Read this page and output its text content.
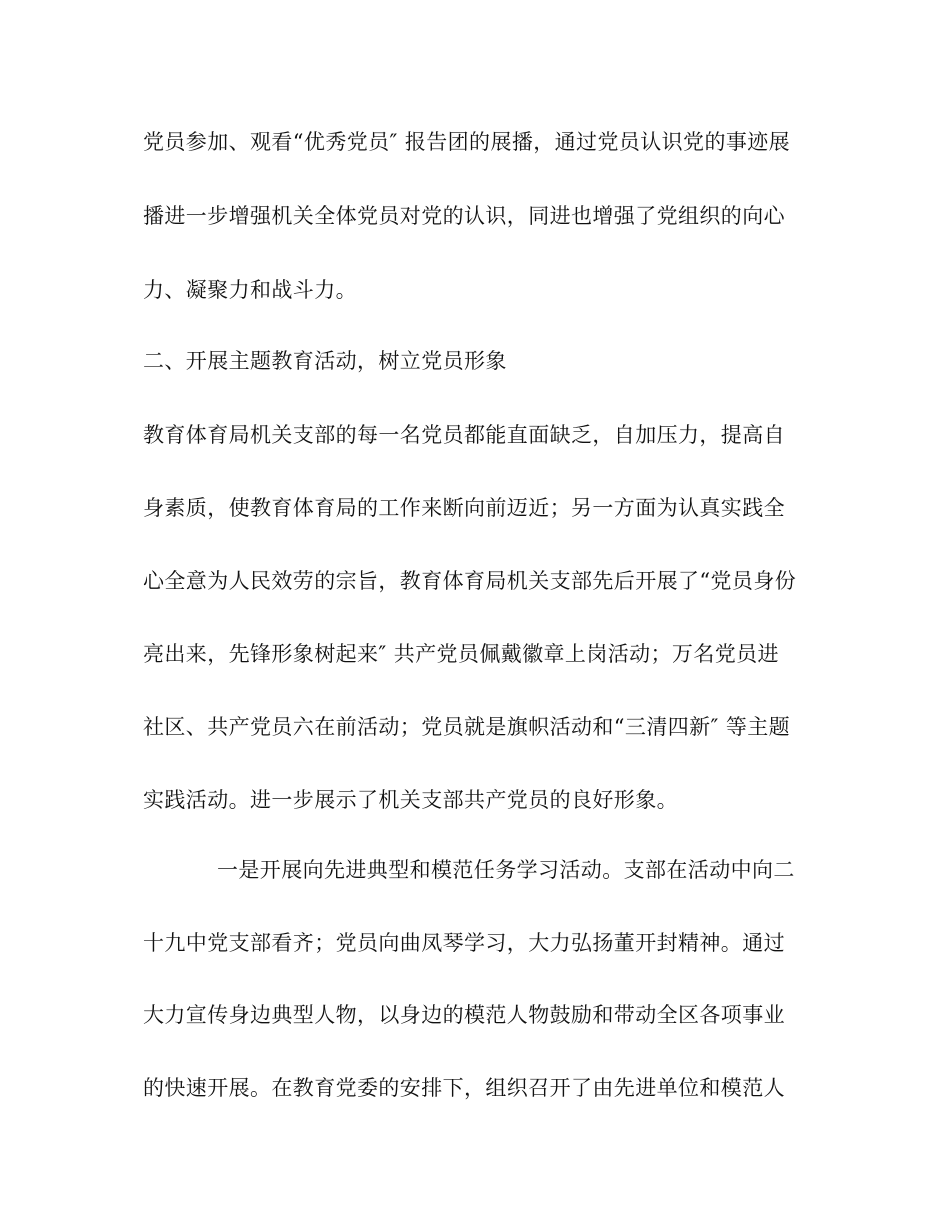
党员参加、观看“优秀党员″ 报告团的展播，通过党员认识党的事迹展
播进一步增强机关全体党员对党的认识，同进也增强了党组织的向心
力、凝聚力和战斗力。
二、开展主题教育活动，树立党员形象
教育体育局机关支部的每一名党员都能直面缺乏，自加压力，提高自
身素质，使教育体育局的工作来断向前迈近；另一方面为认真实践全
心全意为人民效劳的宗旨，教育体育局机关支部先后开展了“党员身份
亮出来，先锋形象树起来″ 共产党员佩戴徽章上岗活动；万名党员进
社区、共产党员六在前活动；党员就是旗帜活动和“三清四新″ 等主题
实践活动。进一步展示了机关支部共产党员的良好形象。
一是开展向先进典型和模范任务学习活动。支部在活动中向二
十九中党支部看齐；党员向曲凤琴学习，大力弘扬董开封精神。通过
大力宣传身边典型人物，以身边的模范人物鼓励和带动全区各项事业
的快速开展。在教育党委的安排下，组织召开了由先进单位和模范人
